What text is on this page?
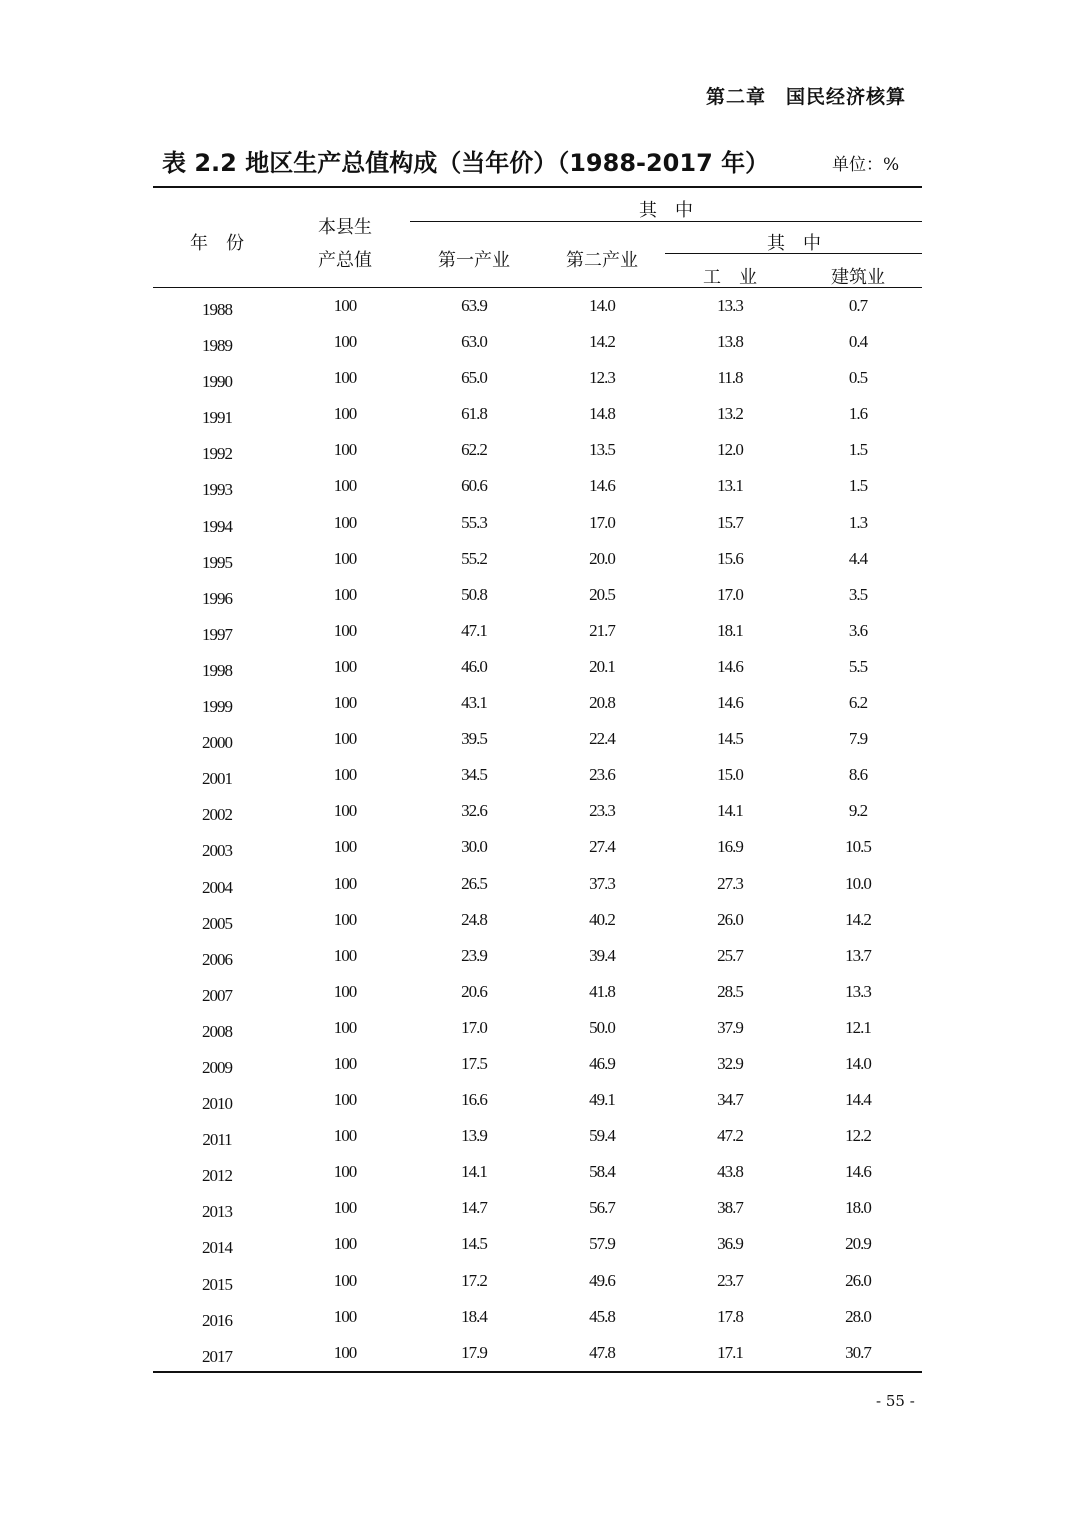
第二章　国民经济核算
表 2.2 地区生产总值构成（当年价）（1988-2017 年）	单位：%
年　份
本县生
产总值
其　中
第一产业	第二产业
其　中
工　业	建筑业
1988	100	63.9	14.0	13.3	0.7
1989	100	63.0	14.2	13.8	0.4
1990	100	65.0	12.3	11.8	0.5
1991	100	61.8	14.8	13.2	1.6
1992	100	62.2	13.5	12.0	1.5
1993	100	60.6	14.6	13.1	1.5
1994	100	55.3	17.0	15.7	1.3
1995	100	55.2	20.0	15.6	4.4
1996	100	50.8	20.5	17.0	3.5
1997	100	47.1	21.7	18.1	3.6
1998	100	46.0	20.1	14.6	5.5
1999	100	43.1	20.8	14.6	6.2
2000	100	39.5	22.4	14.5	7.9
2001	100	34.5	23.6	15.0	8.6
2002	100	32.6	23.3	14.1	9.2
2003	100	30.0	27.4	16.9	10.5
2004	100	26.5	37.3	27.3	10.0
2005	100	24.8	40.2	26.0	14.2
2006	100	23.9	39.4	25.7	13.7
2007	100	20.6	41.8	28.5	13.3
2008	100	17.0	50.0	37.9	12.1
2009	100	17.5	46.9	32.9	14.0
2010	100	16.6	49.1	34.7	14.4
2011	100	13.9	59.4	47.2	12.2
2012	100	14.1	58.4	43.8	14.6
2013	100	14.7	56.7	38.7	18.0
2014	100	14.5	57.9	36.9	20.9
2015	100	17.2	49.6	23.7	26.0
2016	100	18.4	45.8	17.8	28.0
2017	100	17.9	47.8	17.1	30.7
- 55 -
